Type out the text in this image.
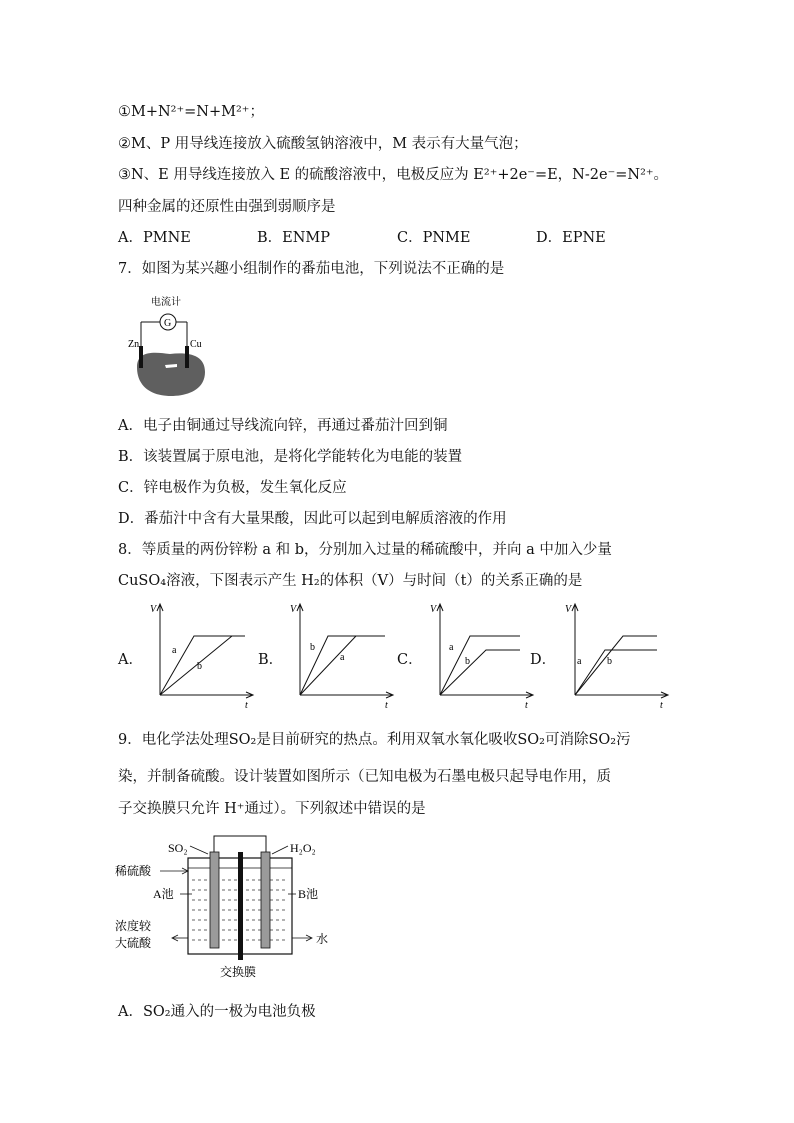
①M+N²⁺=N+M²⁺；
②M、P 用导线连接放入硫酸氢钠溶液中，M 表示有大量气泡；
③N、E 用导线连接放入 E 的硫酸溶液中，电极反应为 E²⁺+2e⁻=E，N-2e⁻=N²⁺。
四种金属的还原性由强到弱顺序是
A．PMNE	B．ENMP	C．PNME	D．EPNE
7．如图为某兴趣小组制作的番茄电池，下列说法不正确的是
电流计
G
Zn	Cu
A．电子由铜通过导线流向锌，再通过番茄汁回到铜
B．该装置属于原电池，是将化学能转化为电能的装置
C．锌电极作为负极，发生氧化反应
D．番茄汁中含有大量果酸，因此可以起到电解质溶液的作用
8．等质量的两份锌粉 a 和 b，分别加入过量的稀硫酸中，并向 a 中加入少量
CuSO₄溶液，下图表示产生 H₂的体积（V）与时间（t）的关系正确的是
A．	B．	C．	D．
V
t
a
b
V
t
b
a
V
t
a
b
V
t
a	b
9．电化学法处理SO₂是目前研究的热点。利用双氧水氧化吸收SO₂可消除SO₂污
染，并制备硫酸。设计装置如图所示（已知电极为石墨电极只起导电作用，质
子交换膜只允许 H⁺通过）。下列叙述中错误的是
SO₂	H₂O₂
稀硫酸
A池	B池
浓度较
大硫酸	水
交换膜
A．SO₂通入的一极为电池负极
